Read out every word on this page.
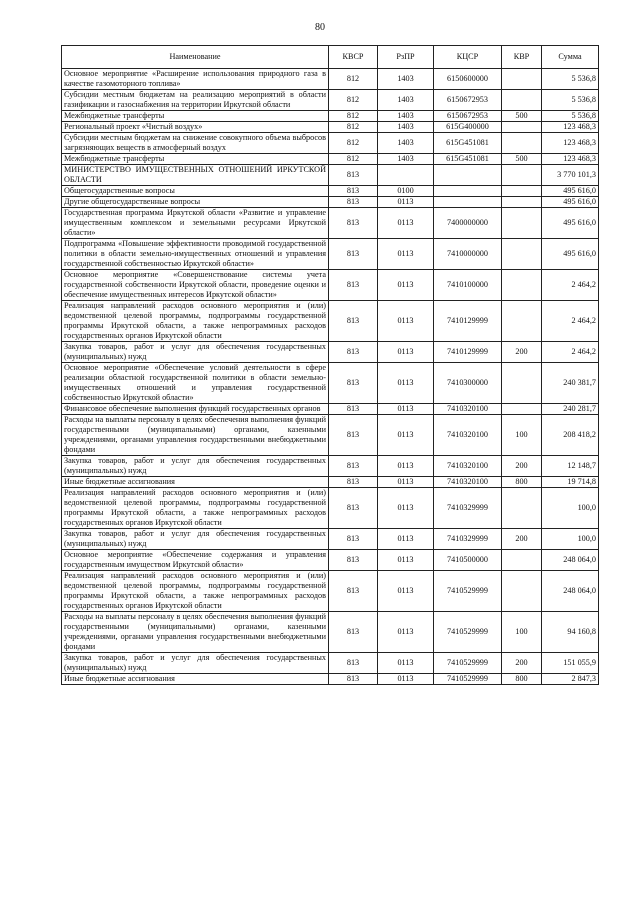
80
Наименование	КВСР	РзПР	КЦСР	КВР	Сумма
Основное мероприятие «Расширение использования природного газа в качестве газомоторного топлива»	812	1403	6150600000		5 536,8
Субсидии местным бюджетам на реализацию мероприятий в области газификации и газоснабжения на территории Иркутской области	812	1403	6150672953		5 536,8
Межбюджетные трансферты	812	1403	6150672953	500	5 536,8
Региональный проект «Чистый воздух»	812	1403	615G400000		123 468,3
Субсидии местным бюджетам на снижение совокупного объема выбросов загрязняющих веществ в атмосферный воздух	812	1403	615G451081		123 468,3
Межбюджетные трансферты	812	1403	615G451081	500	123 468,3
МИНИСТЕРСТВО ИМУЩЕСТВЕННЫХ ОТНОШЕНИЙ ИРКУТСКОЙ ОБЛАСТИ	813				3 770 101,3
Общегосударственные вопросы	813	0100			495 616,0
Другие общегосударственные вопросы	813	0113			495 616,0
Государственная программа Иркутской области «Развитие и управление имущественным комплексом и земельными ресурсами Иркутской области»	813	0113	7400000000		495 616,0
Подпрограмма «Повышение эффективности проводимой государственной политики в области земельно-имущественных отношений и управления государственной собственностью Иркутской области»	813	0113	7410000000		495 616,0
Основное мероприятие «Совершенствование системы учета государственной собственности Иркутской области, проведение оценки и обеспечение имущественных интересов Иркутской области»	813	0113	7410100000		2 464,2
Реализация направлений расходов основного мероприятия и (или) ведомственной целевой программы, подпрограммы государственной программы Иркутской области, а также непрограммных расходов государственных органов Иркутской области	813	0113	7410129999		2 464,2
Закупка товаров, работ и услуг для обеспечения государственных (муниципальных) нужд	813	0113	7410129999	200	2 464,2
Основное мероприятие «Обеспечение условий деятельности в сфере реализации областной государственной политики в области земельно-имущественных отношений и управления государственной собственностью Иркутской области»	813	0113	7410300000		240 381,7
Финансовое обеспечение выполнения функций государственных органов	813	0113	7410320100		240 281,7
Расходы на выплаты персоналу в целях обеспечения выполнения функций государственными (муниципальными) органами, казенными учреждениями, органами управления государственными внебюджетными фондами	813	0113	7410320100	100	208 418,2
Закупка товаров, работ и услуг для обеспечения государственных (муниципальных) нужд	813	0113	7410320100	200	12 148,7
Иные бюджетные ассигнования	813	0113	7410320100	800	19 714,8
Реализация направлений расходов основного мероприятия и (или) ведомственной целевой программы, подпрограммы государственной программы Иркутской области, а также непрограммных расходов государственных органов Иркутской области	813	0113	7410329999		100,0
Закупка товаров, работ и услуг для обеспечения государственных (муниципальных) нужд	813	0113	7410329999	200	100,0
Основное мероприятие «Обеспечение содержания и управления государственным имуществом Иркутской области»	813	0113	7410500000		248 064,0
Реализация направлений расходов основного мероприятия и (или) ведомственной целевой программы, подпрограммы государственной программы Иркутской области, а также непрограммных расходов государственных органов Иркутской области	813	0113	7410529999		248 064,0
Расходы на выплаты персоналу в целях обеспечения выполнения функций государственными (муниципальными) органами, казенными учреждениями, органами управления государственными внебюджетными фондами	813	0113	7410529999	100	94 160,8
Закупка товаров, работ и услуг для обеспечения государственных (муниципальных) нужд	813	0113	7410529999	200	151 055,9
Иные бюджетные ассигнования	813	0113	7410529999	800	2 847,3
